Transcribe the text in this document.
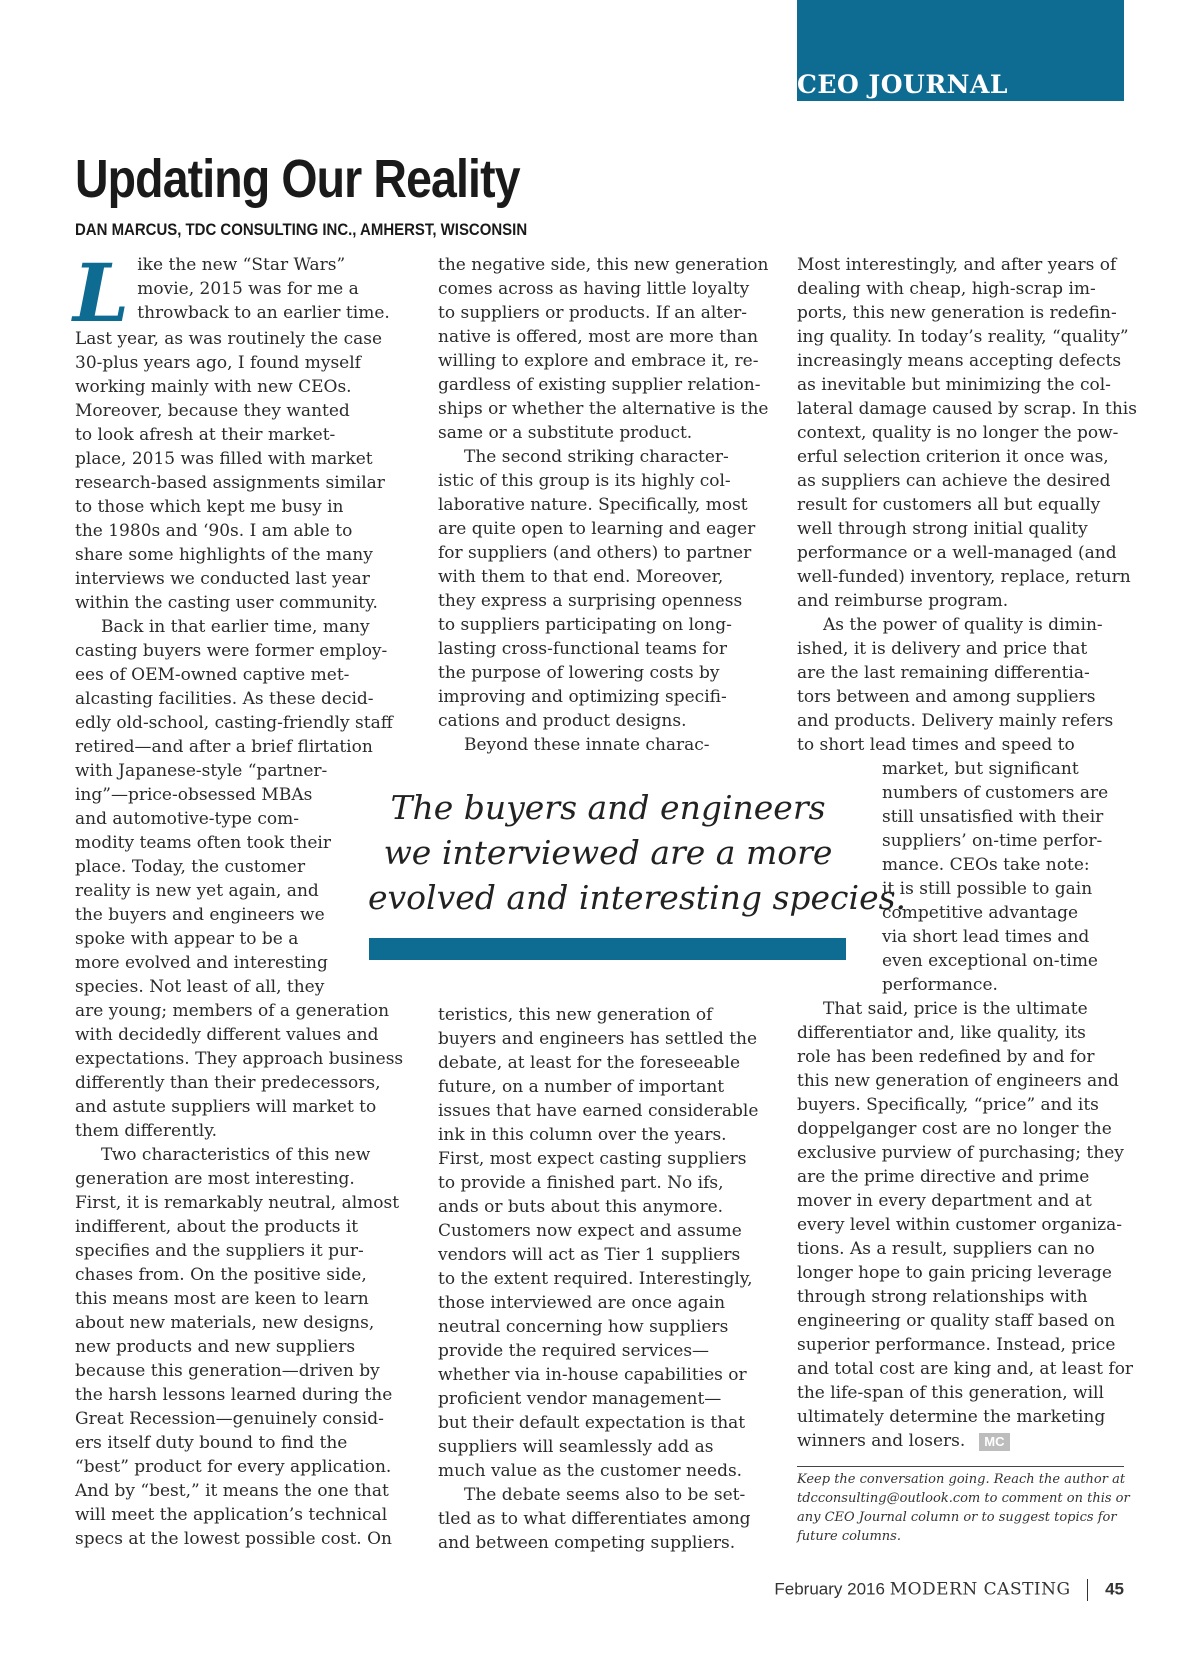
CEO JOURNAL
Updating Our Reality
DAN MARCUS, TDC CONSULTING INC., AMHERST, WISCONSIN
L ike the new “Star Wars”
movie, 2015 was for me a
throwback to an earlier time.
Last year, as was routinely the case
30-plus years ago, I found myself
working mainly with new CEOs.
Moreover, because they wanted
to look afresh at their market-
place, 2015 was filled with market
research-based assignments similar
to those which kept me busy in
the 1980s and ‘90s. I am able to
share some highlights of the many
interviews we conducted last year
within the casting user community.
Back in that earlier time, many
casting buyers were former employ-
ees of OEM-owned captive met-
alcasting facilities. As these decid-
edly old-school, casting-friendly staff
retired—and after a brief flirtation
with Japanese-style “partner-
ing”—price-obsessed MBAs
and automotive-type com-
modity teams often took their
place. Today, the customer
reality is new yet again, and
the buyers and engineers we
spoke with appear to be a
more evolved and interesting
species. Not least of all, they
are young; members of a generation
with decidedly different values and
expectations. They approach business
differently than their predecessors,
and astute suppliers will market to
them differently.
Two characteristics of this new
generation are most interesting.
First, it is remarkably neutral, almost
indifferent, about the products it
specifies and the suppliers it pur-
chases from. On the positive side,
this means most are keen to learn
about new materials, new designs,
new products and new suppliers
because this generation—driven by
the harsh lessons learned during the
Great Recession—genuinely consid-
ers itself duty bound to find the
“best” product for every application.
And by “best,” it means the one that
will meet the application’s technical
specs at the lowest possible cost. On
the negative side, this new generation
comes across as having little loyalty
to suppliers or products. If an alter-
native is offered, most are more than
willing to explore and embrace it, re-
gardless of existing supplier relation-
ships or whether the alternative is the
same or a substitute product.
The second striking character-
istic of this group is its highly col-
laborative nature. Specifically, most
are quite open to learning and eager
for suppliers (and others) to partner
with them to that end. Moreover,
they express a surprising openness
to suppliers participating on long-
lasting cross-functional teams for
the purpose of lowering costs by
improving and optimizing specifi-
cations and product designs.
Beyond these innate charac-
The buyers and engineers
we interviewed are a more
evolved and interesting species.
teristics, this new generation of
buyers and engineers has settled the
debate, at least for the foreseeable
future, on a number of important
issues that have earned considerable
ink in this column over the years.
First, most expect casting suppliers
to provide a finished part. No ifs,
ands or buts about this anymore.
Customers now expect and assume
vendors will act as Tier 1 suppliers
to the extent required. Interestingly,
those interviewed are once again
neutral concerning how suppliers
provide the required services—
whether via in-house capabilities or
proficient vendor management—
but their default expectation is that
suppliers will seamlessly add as
much value as the customer needs.
The debate seems also to be set-
tled as to what differentiates among
and between competing suppliers.
Most interestingly, and after years of
dealing with cheap, high-scrap im-
ports, this new generation is redefin-
ing quality. In today’s reality, “quality”
increasingly means accepting defects
as inevitable but minimizing the col-
lateral damage caused by scrap. In this
context, quality is no longer the pow-
erful selection criterion it once was,
as suppliers can achieve the desired
result for customers all but equally
well through strong initial quality
performance or a well-managed (and
well-funded) inventory, replace, return
and reimburse program.
As the power of quality is dimin-
ished, it is delivery and price that
are the last remaining differentia-
tors between and among suppliers
and products. Delivery mainly refers
to short lead times and speed to
market, but significant
numbers of customers are
still unsatisfied with their
suppliers’ on-time perfor-
mance. CEOs take note:
it is still possible to gain
competitive advantage
via short lead times and
even exceptional on-time
performance.
That said, price is the ultimate
differentiator and, like quality, its
role has been redefined by and for
this new generation of engineers and
buyers. Specifically, “price” and its
doppelganger cost are no longer the
exclusive purview of purchasing; they
are the prime directive and prime
mover in every department and at
every level within customer organiza-
tions. As a result, suppliers can no
longer hope to gain pricing leverage
through strong relationships with
engineering or quality staff based on
superior performance. Instead, price
and total cost are king and, at least for
the life-span of this generation, will
ultimately determine the marketing
winners and losers. MC
Keep the conversation going. Reach the author at
tdcconsulting@outlook.com to comment on this or
any CEO Journal column or to suggest topics for
future columns.
February 2016 MODERN CASTING 45
